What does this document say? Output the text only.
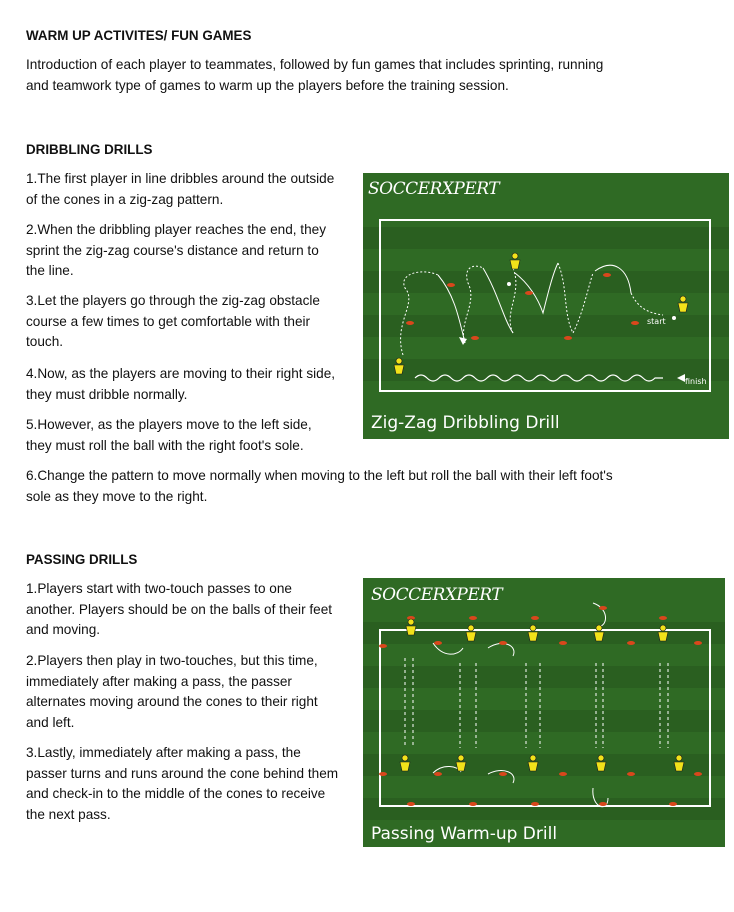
WARM UP ACTIVITES/ FUN GAMES
Introduction of each player to teammates, followed by fun games that includes sprinting, running
and teamwork type of games to warm up the players before the training session.
DRIBBLING DRILLS
1.The first player in line dribbles around the outside
of the cones in a zig-zag pattern.
2.When the dribbling player reaches the end, they
sprint the zig-zag course's distance and return to
the line.
3.Let the players go through the zig-zag obstacle
course a few times to get comfortable with their
touch.
4.Now, as the players are moving to their right side,
they must dribble normally.
5.However, as the players move to the left side,
they must roll the ball with the right foot's sole.
6.Change the pattern to move normally when moving to the left but roll the ball with their left foot's
sole as they move to the right.
SOCCERXPERT
start
finish
Zig-Zag Dribbling Drill
PASSING DRILLS
1.Players start with two-touch passes to one
another. Players should be on the balls of their feet
and moving.
2.Players then play in two-touches, but this time,
immediately after making a pass, the passer
alternates moving around the cones to their right
and left.
3.Lastly, immediately after making a pass, the
passer turns and runs around the cone behind them
and check-in to the middle of the cones to receive
the next pass.
SOCCERXPERT
Passing Warm-up Drill
